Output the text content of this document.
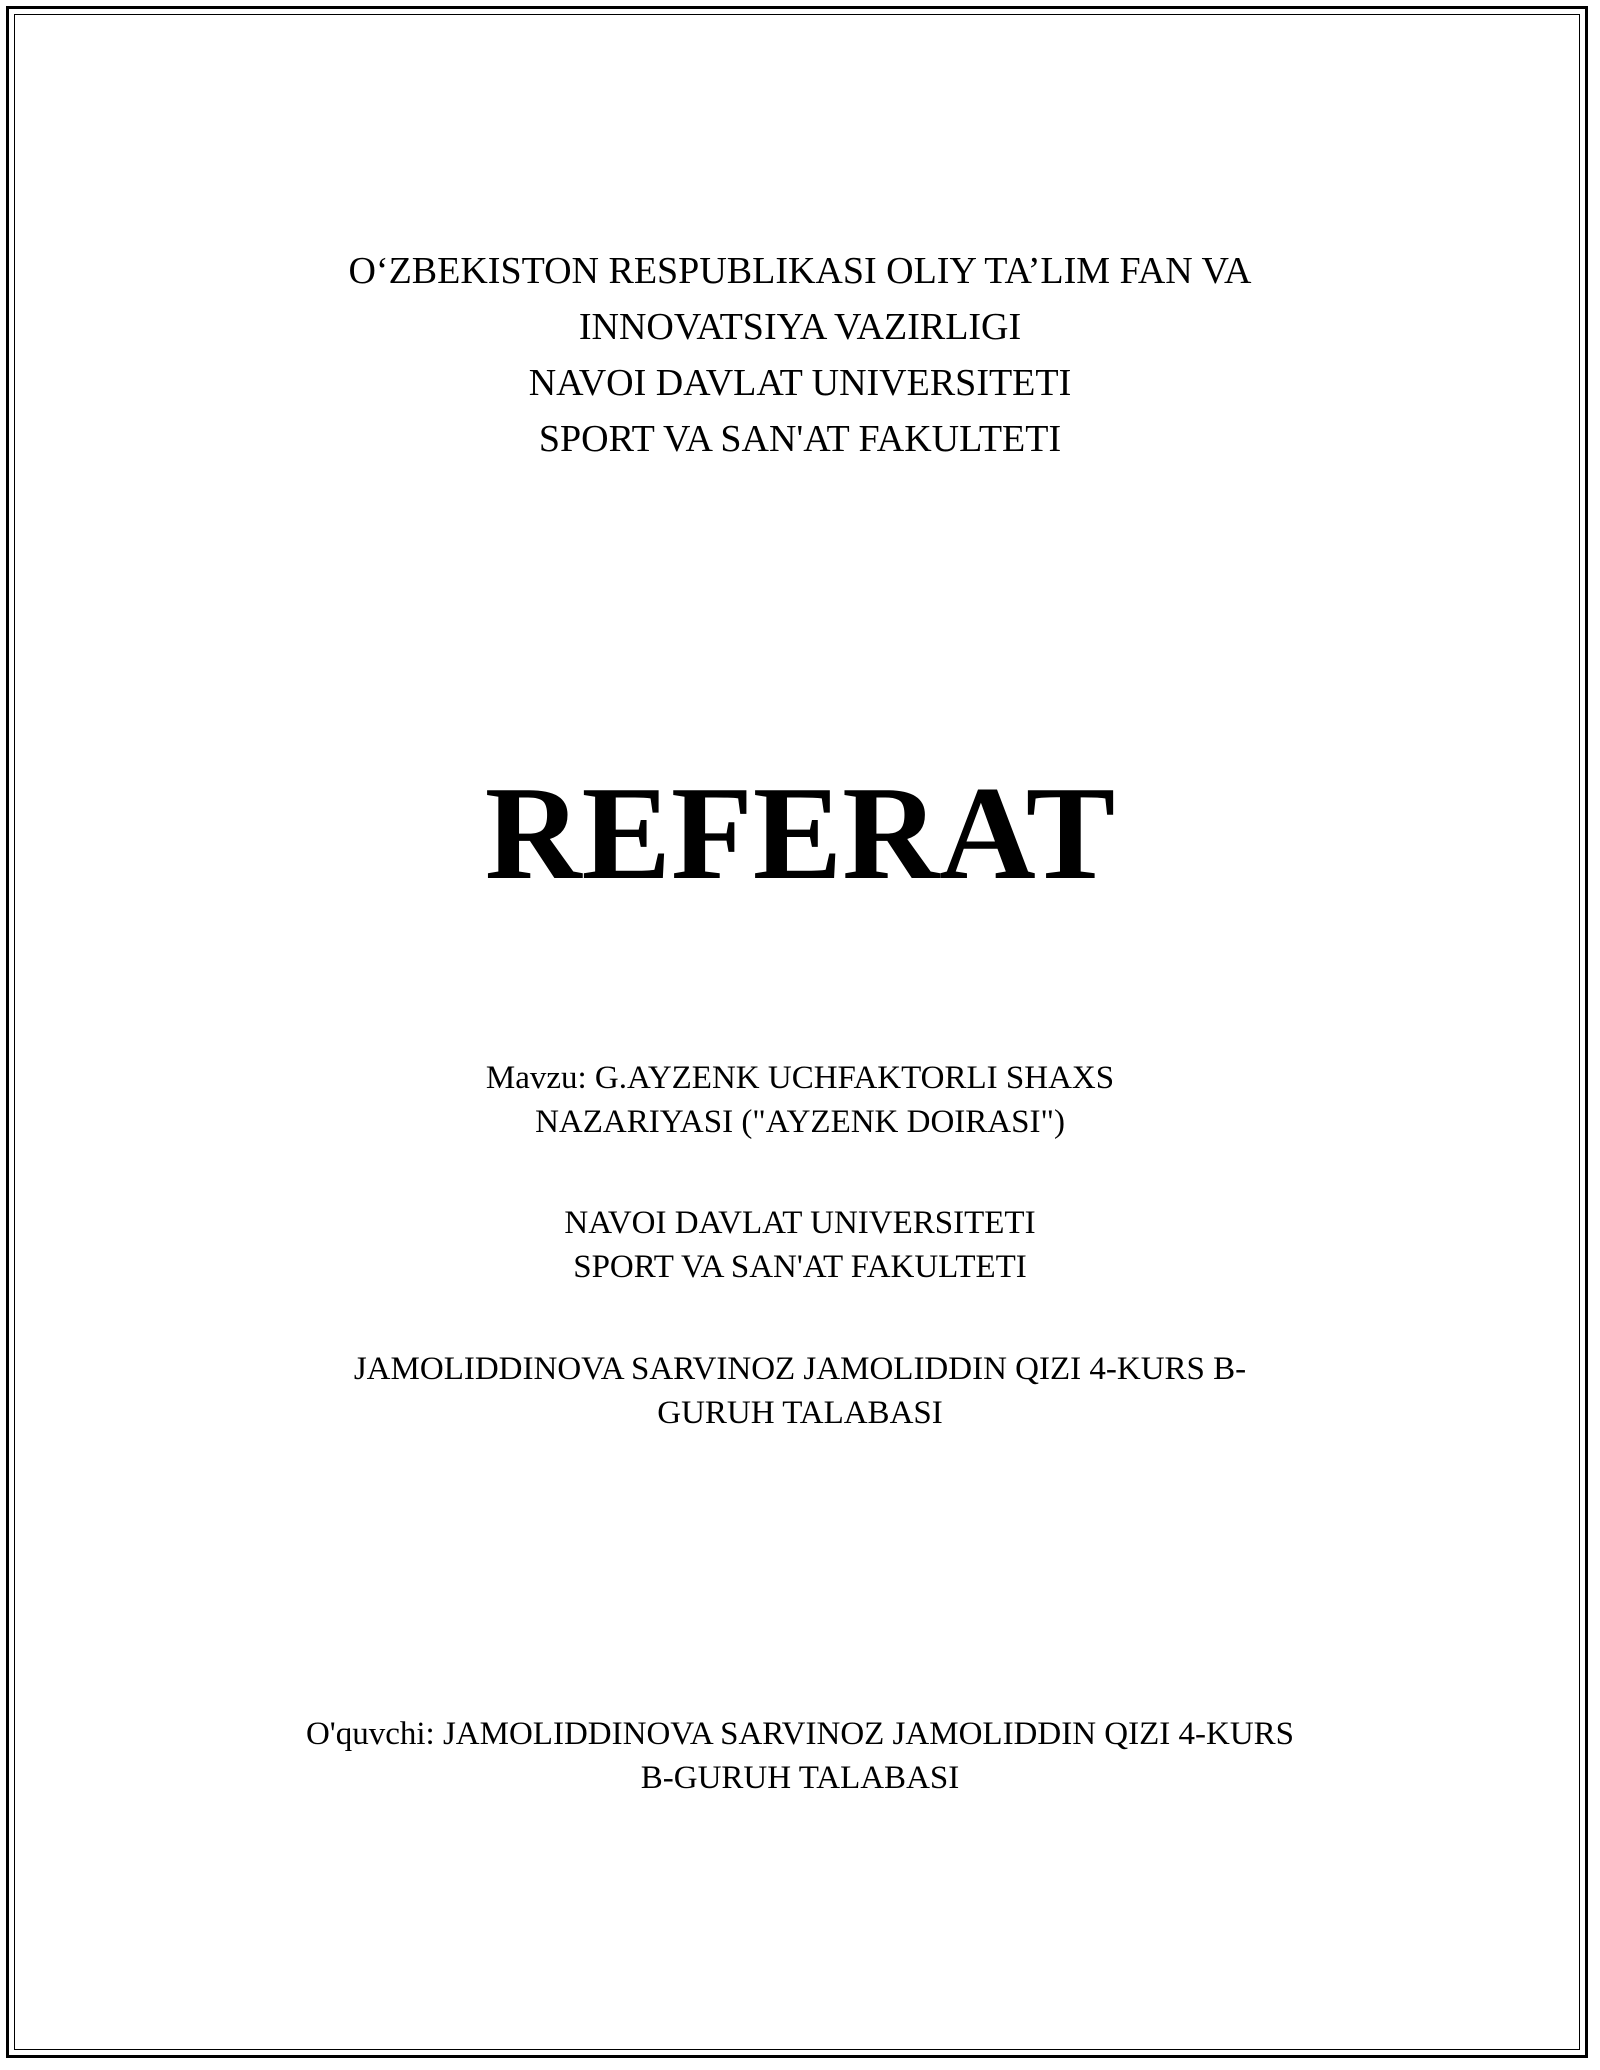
O‘ZBEKISTON RESPUBLIKASI OLIY TA’LIM FAN VA
INNOVATSIYA VAZIRLIGI
NAVOI DAVLAT UNIVERSITETI
SPORT VA SAN'AT FAKULTETI
REFERAT
Mavzu: G.AYZENK UCHFAKTORLI SHAXS
NAZARIYASI ("AYZENK DOIRASI")
NAVOI DAVLAT UNIVERSITETI
SPORT VA SAN'AT FAKULTETI
JAMOLIDDINOVA SARVINOZ JAMOLIDDIN QIZI 4-KURS B-
GURUH TALABASI
O'quvchi: JAMOLIDDINOVA SARVINOZ JAMOLIDDIN QIZI 4-KURS
B-GURUH TALABASI
